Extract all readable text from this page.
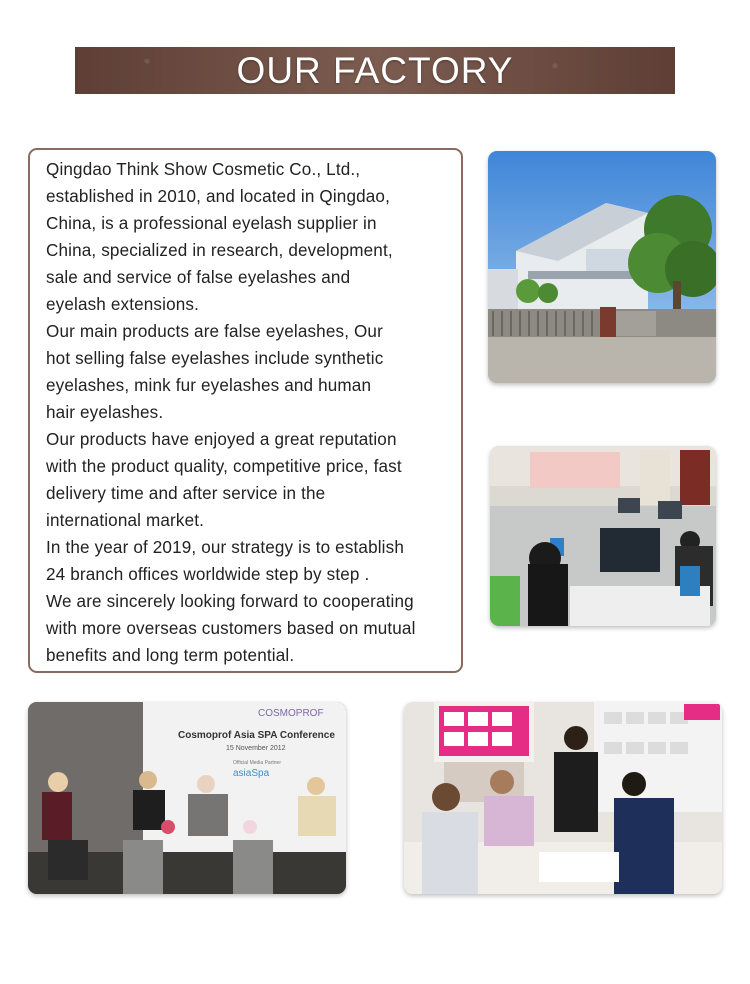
OUR FACTORY

Qingdao Think Show Cosmetic Co., Ltd.,
established in 2010, and located in Qingdao,
China, is a professional eyelash supplier in
China, specialized in research, development,
sale and service of false eyelashes and
eyelash extensions.

Our main products are false eyelashes, Our
hot selling false eyelashes include synthetic
eyelashes, mink fur eyelashes and human
hair eyelashes.

Our products have enjoyed a great reputation
with the product quality, competitive price, fast
delivery time and after service in the
international market.

In the year of 2019, our strategy is to establish
24 branch offices worldwide step by step .

We are sincerely looking forward to cooperating
with more overseas customers based on mutual
benefits and long term potential.

COSMOPROF
Cosmoprof Asia SPA Conference
15 November 2012
Official Media Partner
asiaSpa
